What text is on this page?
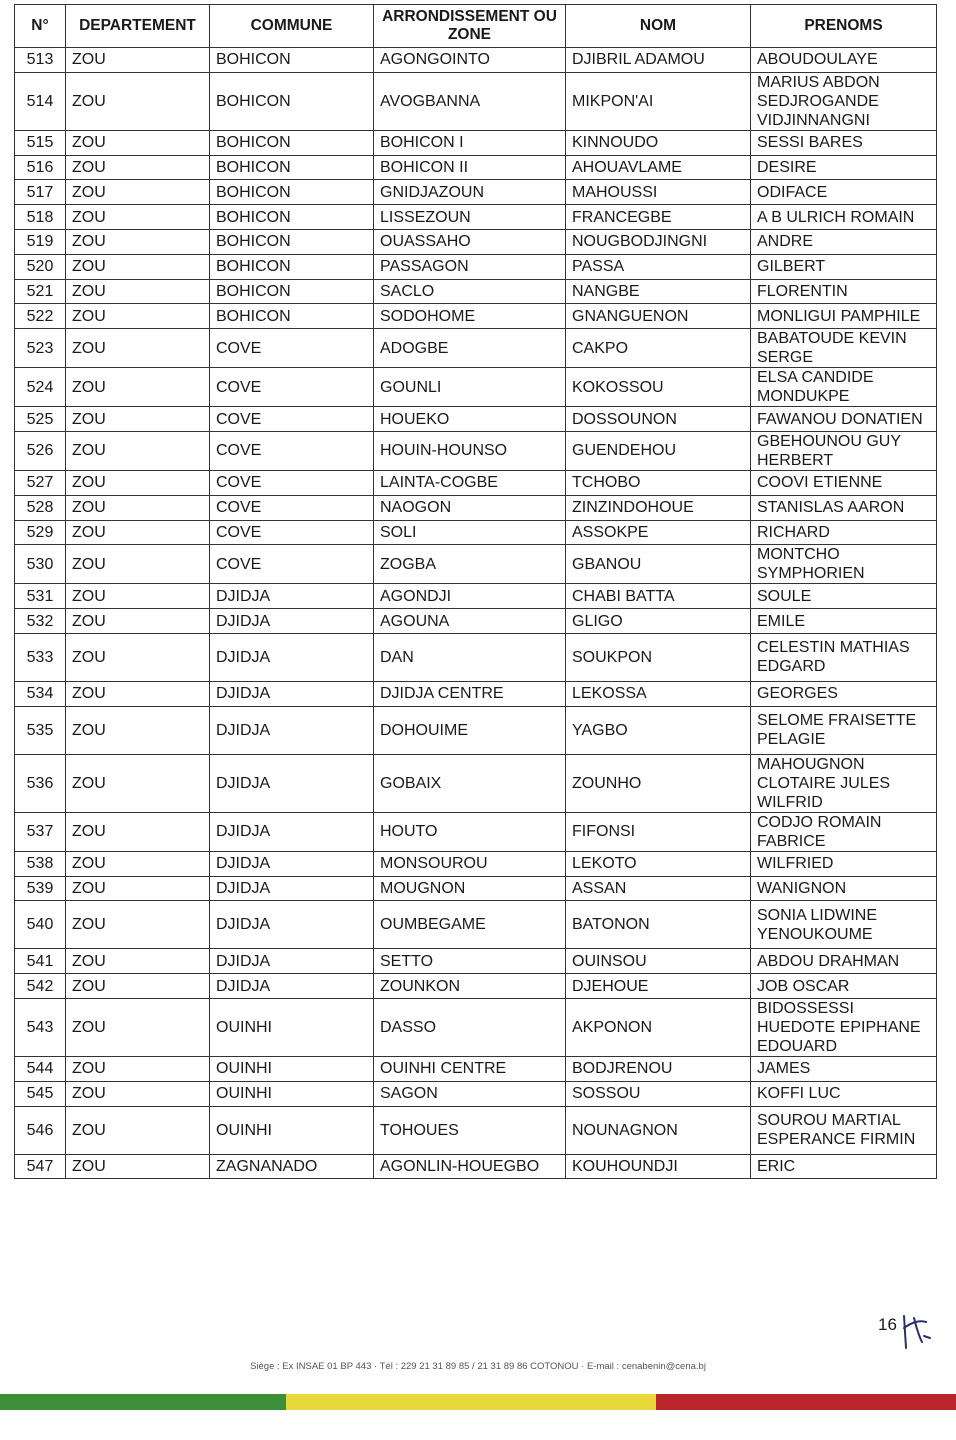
N°	DEPARTEMENT	COMMUNE	ARRONDISSEMENT OU ZONE	NOM	PRENOMS
513	ZOU	BOHICON	AGONGOINTO	DJIBRIL ADAMOU	ABOUDOULAYE
514	ZOU	BOHICON	AVOGBANNA	MIKPON'AI	MARIUS ABDON SEDJROGANDE VIDJINNANGNI
515	ZOU	BOHICON	BOHICON I	KINNOUDO	SESSI BARES
516	ZOU	BOHICON	BOHICON II	AHOUAVLAME	DESIRE
517	ZOU	BOHICON	GNIDJAZOUN	MAHOUSSI	ODIFACE
518	ZOU	BOHICON	LISSEZOUN	FRANCEGBE	A B ULRICH ROMAIN
519	ZOU	BOHICON	OUASSAHO	NOUGBODJINGNI	ANDRE
520	ZOU	BOHICON	PASSAGON	PASSA	GILBERT
521	ZOU	BOHICON	SACLO	NANGBE	FLORENTIN
522	ZOU	BOHICON	SODOHOME	GNANGUENON	MONLIGUI PAMPHILE
523	ZOU	COVE	ADOGBE	CAKPO	BABATOUDE KEVIN SERGE
524	ZOU	COVE	GOUNLI	KOKOSSOU	ELSA CANDIDE MONDUKPE
525	ZOU	COVE	HOUEKO	DOSSOUNON	FAWANOU DONATIEN
526	ZOU	COVE	HOUIN-HOUNSO	GUENDEHOU	GBEHOUNOU GUY HERBERT
527	ZOU	COVE	LAINTA-COGBE	TCHOBO	COOVI ETIENNE
528	ZOU	COVE	NAOGON	ZINZINDOHOUE	STANISLAS AARON
529	ZOU	COVE	SOLI	ASSOKPE	RICHARD
530	ZOU	COVE	ZOGBA	GBANOU	MONTCHO SYMPHORIEN
531	ZOU	DJIDJA	AGONDJI	CHABI BATTA	SOULE
532	ZOU	DJIDJA	AGOUNA	GLIGO	EMILE
533	ZOU	DJIDJA	DAN	SOUKPON	CELESTIN MATHIAS EDGARD
534	ZOU	DJIDJA	DJIDJA CENTRE	LEKOSSA	GEORGES
535	ZOU	DJIDJA	DOHOUIME	YAGBO	SELOME FRAISETTE PELAGIE
536	ZOU	DJIDJA	GOBAIX	ZOUNHO	MAHOUGNON CLOTAIRE JULES WILFRID
537	ZOU	DJIDJA	HOUTO	FIFONSI	CODJO ROMAIN FABRICE
538	ZOU	DJIDJA	MONSOUROU	LEKOTO	WILFRIED
539	ZOU	DJIDJA	MOUGNON	ASSAN	WANIGNON
540	ZOU	DJIDJA	OUMBEGAME	BATONON	SONIA LIDWINE YENOUKOUME
541	ZOU	DJIDJA	SETTO	OUINSOU	ABDOU DRAHMAN
542	ZOU	DJIDJA	ZOUNKON	DJEHOUE	JOB OSCAR
543	ZOU	OUINHI	DASSO	AKPONON	BIDOSSESSI HUEDOTE EPIPHANE EDOUARD
544	ZOU	OUINHI	OUINHI CENTRE	BODJRENOU	JAMES
545	ZOU	OUINHI	SAGON	SOSSOU	KOFFI LUC
546	ZOU	OUINHI	TOHOUES	NOUNAGNON	SOUROU MARTIAL ESPERANCE FIRMIN
547	ZOU	ZAGNANADO	AGONLIN-HOUEGBO	KOUHOUNDJI	ERIC
16
Siège : Ex INSAE 01 BP 443 · Tél : 229 21 31 89 85 / 21 31 89 86 COTONOU · E-mail : cenabenin@cena.bj
